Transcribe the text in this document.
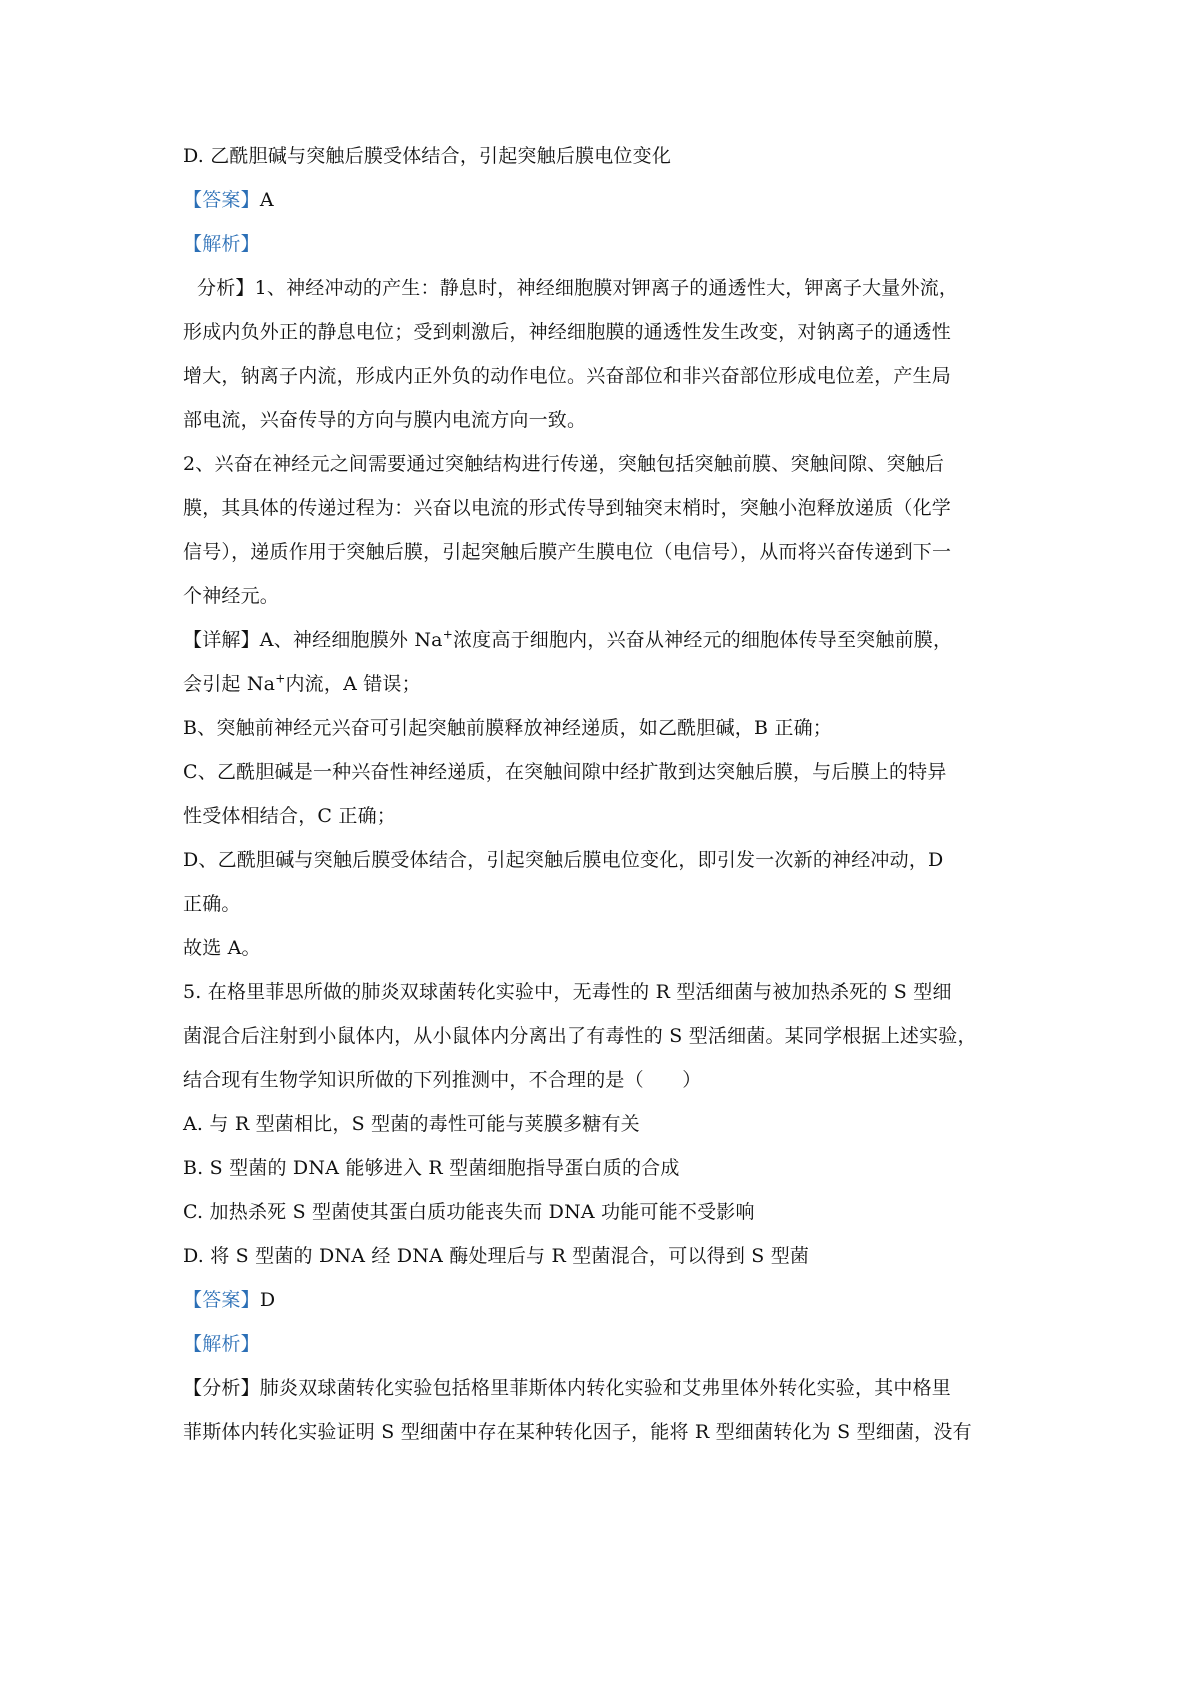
D. 乙酰胆碱与突触后膜受体结合，引起突触后膜电位变化
【答案】A
【解析】
分析】1、神经冲动的产生：静息时，神经细胞膜对钾离子的通透性大，钾离子大量外流，
形成内负外正的静息电位；受到刺激后，神经细胞膜的通透性发生改变，对钠离子的通透性
增大，钠离子内流，形成内正外负的动作电位。兴奋部位和非兴奋部位形成电位差，产生局
部电流，兴奋传导的方向与膜内电流方向一致。
2、兴奋在神经元之间需要通过突触结构进行传递，突触包括突触前膜、突触间隙、突触后
膜，其具体的传递过程为：兴奋以电流的形式传导到轴突末梢时，突触小泡释放递质（化学
信号），递质作用于突触后膜，引起突触后膜产生膜电位（电信号），从而将兴奋传递到下一
个神经元。
【详解】A、神经细胞膜外 Na+浓度高于细胞内，兴奋从神经元的细胞体传导至突触前膜，
会引起 Na+内流，A 错误；
B、突触前神经元兴奋可引起突触前膜释放神经递质，如乙酰胆碱，B 正确；
C、乙酰胆碱是一种兴奋性神经递质，在突触间隙中经扩散到达突触后膜，与后膜上的特异
性受体相结合，C 正确；
D、乙酰胆碱与突触后膜受体结合，引起突触后膜电位变化，即引发一次新的神经冲动，D
正确。
故选 A。
5. 在格里菲思所做的肺炎双球菌转化实验中，无毒性的 R 型活细菌与被加热杀死的 S 型细
菌混合后注射到小鼠体内，从小鼠体内分离出了有毒性的 S 型活细菌。某同学根据上述实验，
结合现有生物学知识所做的下列推测中，不合理的是（　　）
A. 与 R 型菌相比，S 型菌的毒性可能与荚膜多糖有关
B. S 型菌的 DNA 能够进入 R 型菌细胞指导蛋白质的合成
C. 加热杀死 S 型菌使其蛋白质功能丧失而 DNA 功能可能不受影响
D. 将 S 型菌的 DNA 经 DNA 酶处理后与 R 型菌混合，可以得到 S 型菌
【答案】D
【解析】
【分析】肺炎双球菌转化实验包括格里菲斯体内转化实验和艾弗里体外转化实验，其中格里
菲斯体内转化实验证明 S 型细菌中存在某种转化因子，能将 R 型细菌转化为 S 型细菌，没有
